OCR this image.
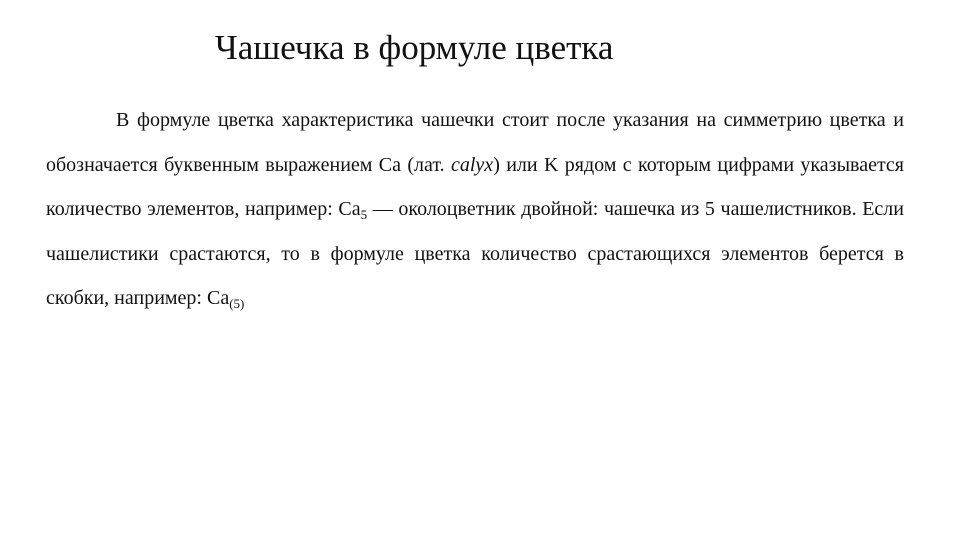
Чашечка в формуле цветка

В формуле цветка характеристика чашечки стоит после указания на симметрию цветка и обозначается буквенным выражением Ca (лат. calyx) или K рядом с которым цифрами указывается количество элементов, например: $Ca_5$ — околоцветник двойной: чашечка из 5 чашелистников. Если чашелистики срастаются, то в формуле цветка количество срастающихся элементов берется в скобки, например: $Ca_{(5)}$
